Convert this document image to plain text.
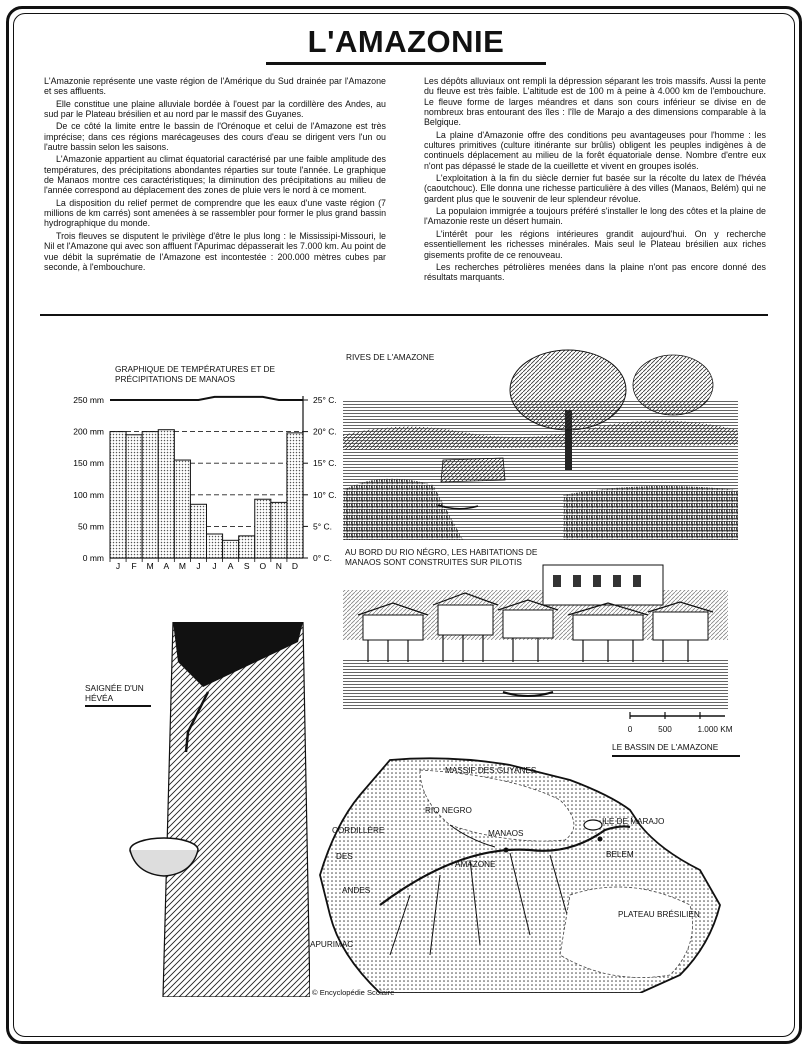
L'AMAZONIE

L'Amazonie représente une vaste région de l'Amérique du Sud drainée par l'Amazone et ses affluents.

Elle constitue une plaine alluviale bordée à l'ouest par la cordillère des Andes, au sud par le Plateau brésilien et au nord par le massif des Guyanes.

De ce côté la limite entre le bassin de l'Orénoque et celui de l'Amazone est très imprécise; dans ces régions marécageuses des cours d'eau se dirigent vers l'un ou l'autre bassin selon les saisons.

L'Amazonie appartient au climat équatorial caractérisé par une faible amplitude des températures, des précipitations abondantes réparties sur toute l'année. Le graphique de Manaos montre ces caractéristiques; la diminution des précipitations au milieu de l'année correspond au déplacement des zones de pluie vers le nord à ce moment.

La disposition du relief permet de comprendre que les eaux d'une vaste région (7 millions de km carrés) sont amenées à se rassembler pour former le plus grand bassin hydrographique du monde.

Trois fleuves se disputent le privilège d'être le plus long : le Mississipi-Missouri, le Nil et l'Amazone qui avec son affluent l'Apurimac dépasserait les 7.000 km. Au point de vue débit la suprématie de l'Amazone est incontestée : 200.000 mètres cubes par seconde, à l'embouchure.

Les dépôts alluviaux ont rempli la dépression séparant les trois massifs. Aussi la pente du fleuve est très faible. L'altitude est de 100 m à peine à 4.000 km de l'embouchure. Le fleuve forme de larges méandres et dans son cours inférieur se divise en de nombreux bras entourant des îles : l'île de Marajo a des dimensions comparable à la Belgique.

La plaine d'Amazonie offre des conditions peu avantageuses pour l'homme : les cultures primitives (culture itinérante sur brûlis) obligent les peuples indigènes à de continuels déplacement au milieu de la forêt équatoriale dense. Nombre d'entre eux n'ont pas dépassé le stade de la cueillette et vivent en groupes isolés.

L'exploitation à la fin du siècle dernier fut basée sur la récolte du latex de l'hévéa (caoutchouc). Elle donna une richesse particulière à des villes (Manaos, Belém) qui ne gardent plus que le souvenir de leur splendeur révolue.

La populaion immigrée a toujours préféré s'installer le long des côtes et la plaine de l'Amazonie reste un désert humain.

L'intérêt pour les régions intérieures grandit aujourd'hui. On y recherche essentiellement les richesses minérales. Mais seul le Plateau brésilien aux riches gisements profite de ce renouveau.

Les recherches pétrolières menées dans la plaine n'ont pas encore donné des résultats marquants.

GRAPHIQUE DE TEMPÉRATURES ET DE PRÉCIPITATIONS DE MANAOS
0 mm	0° C.
50 mm	5° C.
100 mm	10° C.
150 mm	15° C.
200 mm	20° C.
250 mm	25° C.
J F M A M J J A S O N D
RIVES DE L'AMAZONE
AU BORD DU RIO NÉGRO, LES HABITATIONS DE MANAOS SONT CONSTRUITES SUR PILOTIS
SAIGNÉE D'UN HÉVÉA
0	500	1.000 KM
LE BASSIN DE L'AMAZONE
MASSIF DES GUYANES
RIO NEGRO
MANAOS
ILE DE MARAJO
BELEM
CORDILLÈRE
DES
ANDES
AMAZONE
PLATEAU BRÉSILIEN
APURIMAC
© Encyclopédie Scolaire
